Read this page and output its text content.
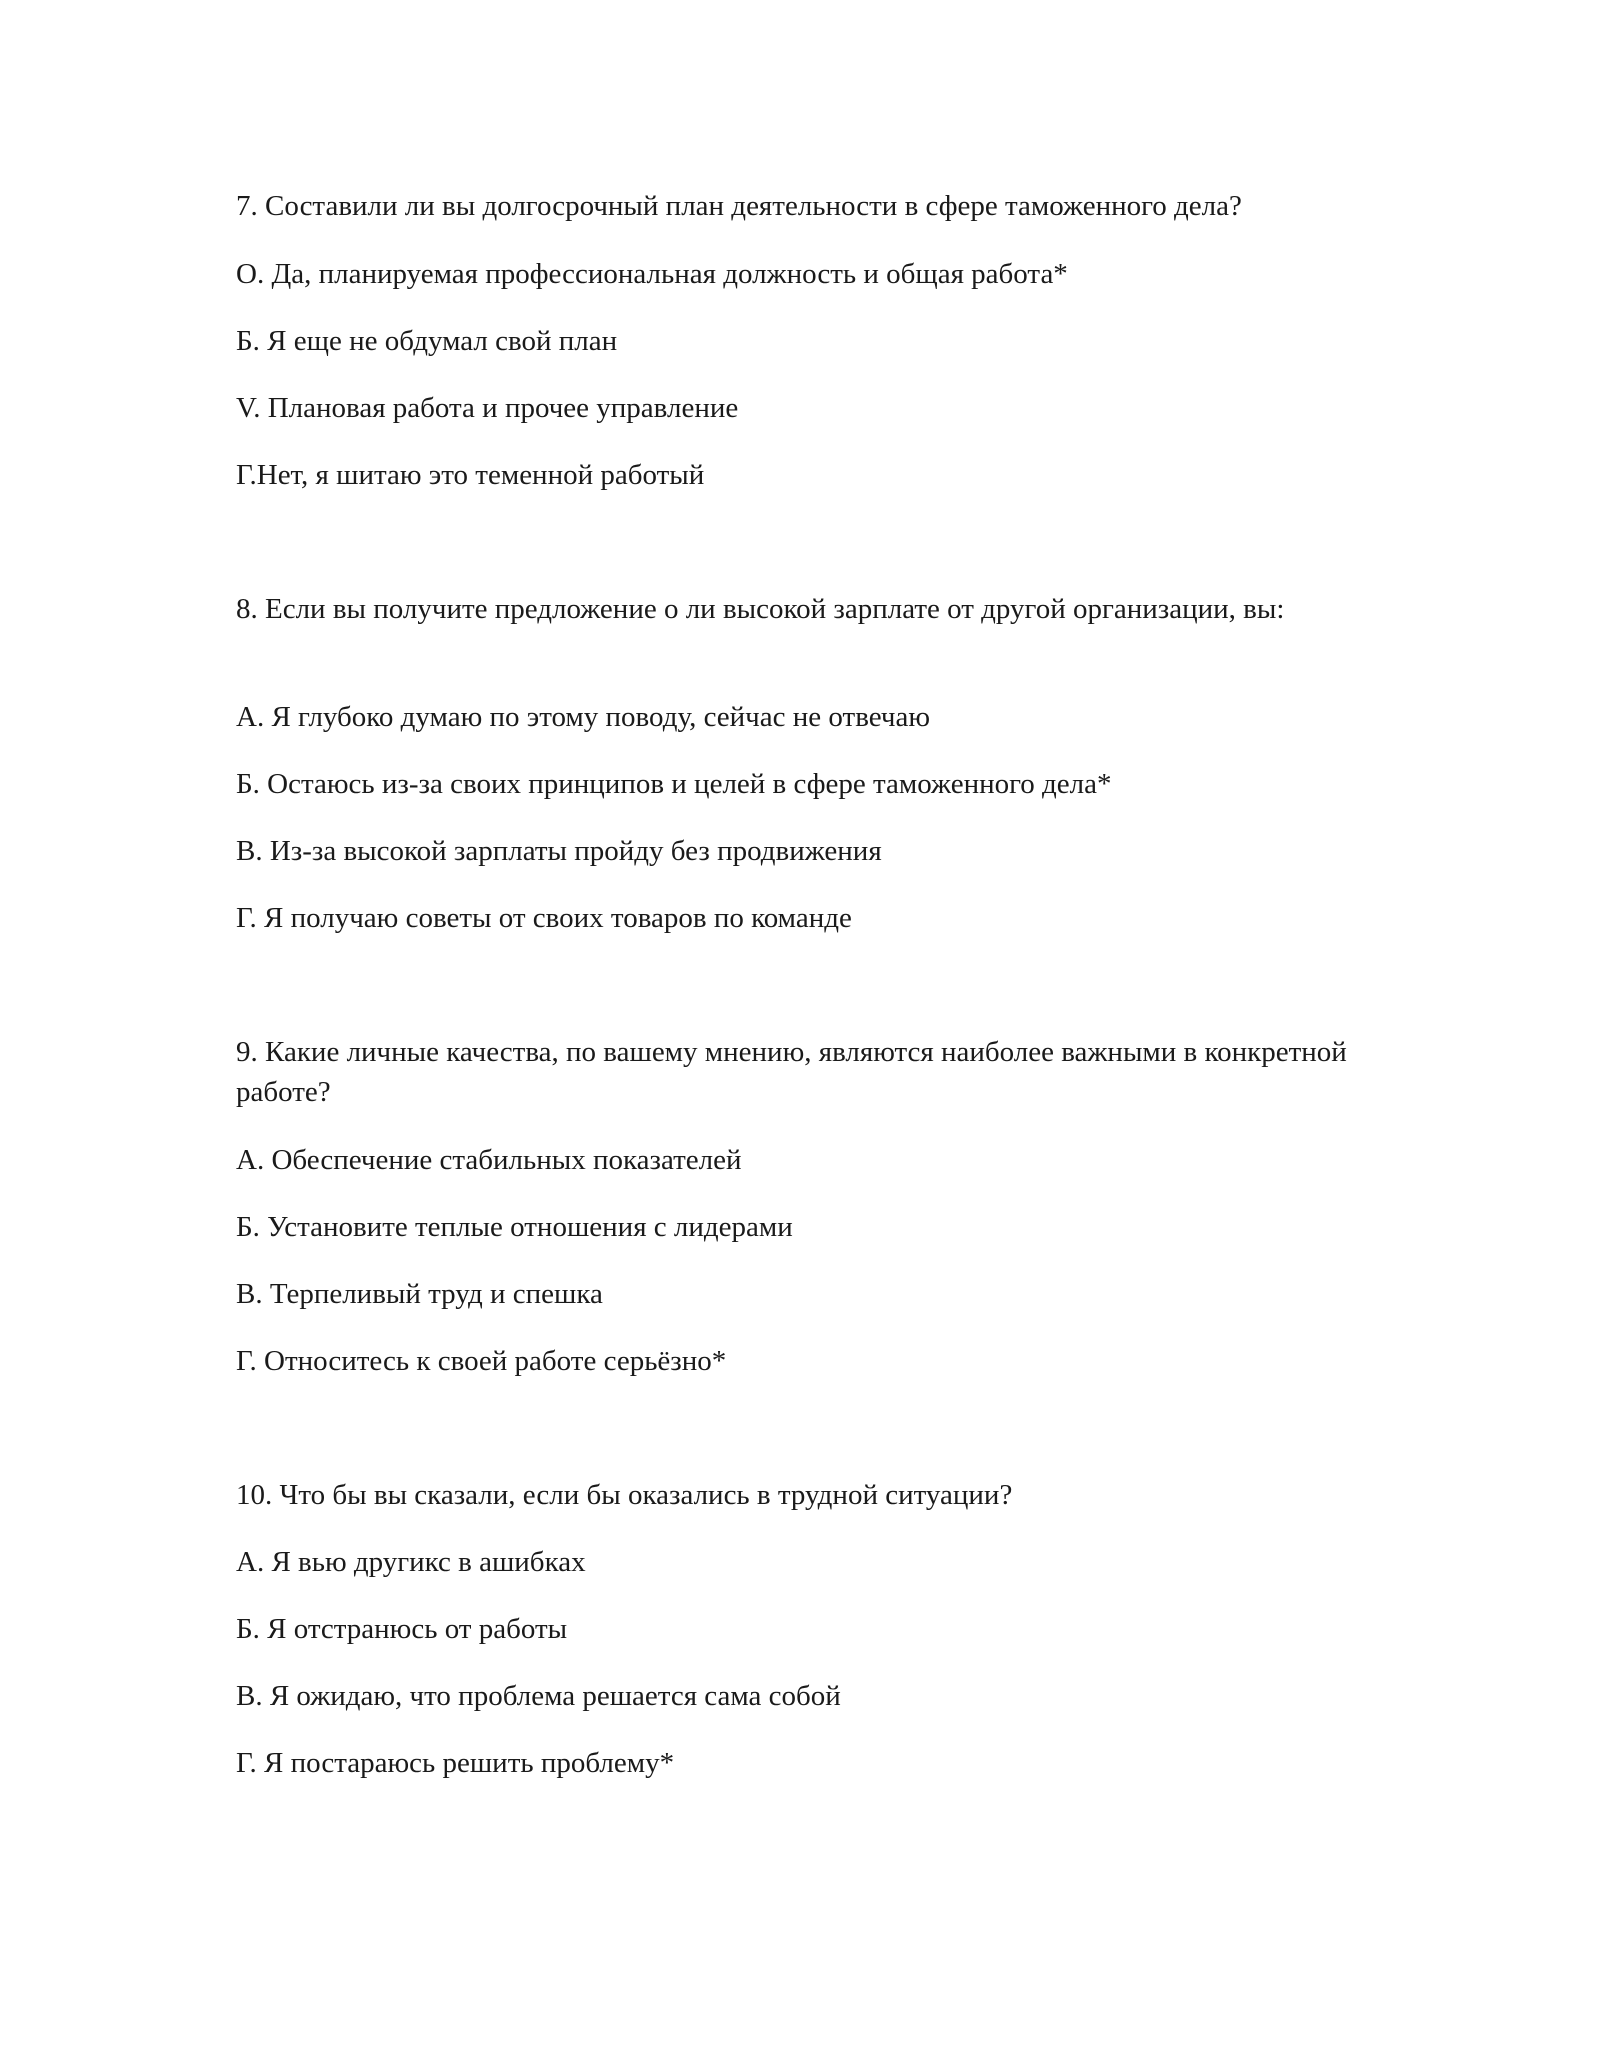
7. Составили ли вы долгосрочный план деятельности в сфере таможенного дела?
О. Да, планируемая профессиональная должность и общая работа*
Б. Я еще не обдумал свой план
V. Плановая работа и прочее управление
Г.Нет, я шитаю это теменной работый
8. Если вы получите предложение о ли высокой зарплате от другой организации, вы:
А. Я глубоко думаю по этому поводу, сейчас не отвечаю
Б. Остаюсь из-за своих принципов и целей в сфере таможенного дела*
В. Из-за высокой зарплаты пройду без продвижения
Г. Я получаю советы от своих товаров по команде
9. Какие личные качества, по вашему мнению, являются наиболее важными в конкретной работе?
А. Обеспечение стабильных показателей
Б. Установите теплые отношения с лидерами
В. Терпеливый труд и спешка
Г. Относитесь к своей работе серьёзно*
10. Что бы вы сказали, если бы оказались в трудной ситуации?
А. Я вью другикс в ашибках
Б. Я отстранюсь от работы
В. Я ожидаю, что проблема решается сама собой
Г. Я постараюсь решить проблему*
